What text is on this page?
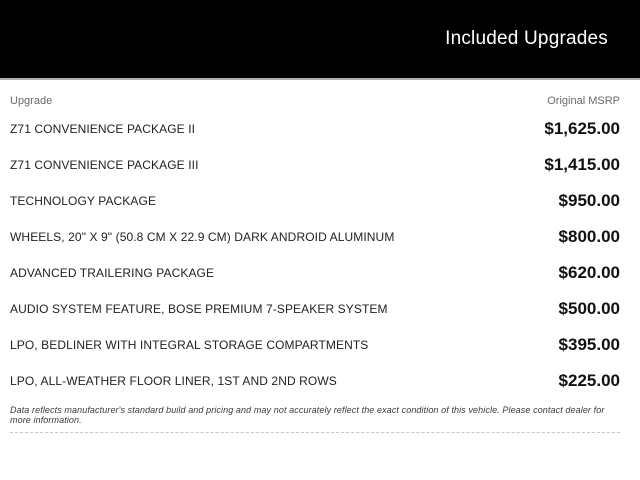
Included Upgrades
Upgrade	Original MSRP
Z71 CONVENIENCE PACKAGE II	$1,625.00
Z71 CONVENIENCE PACKAGE III	$1,415.00
TECHNOLOGY PACKAGE	$950.00
WHEELS, 20" X 9" (50.8 CM X 22.9 CM) DARK ANDROID ALUMINUM	$800.00
ADVANCED TRAILERING PACKAGE	$620.00
AUDIO SYSTEM FEATURE, BOSE PREMIUM 7-SPEAKER SYSTEM	$500.00
LPO, BEDLINER WITH INTEGRAL STORAGE COMPARTMENTS	$395.00
LPO, ALL-WEATHER FLOOR LINER, 1ST AND 2ND ROWS	$225.00
Data reflects manufacturer's standard build and pricing and may not accurately reflect the exact condition of this vehicle. Please contact dealer for more information.
